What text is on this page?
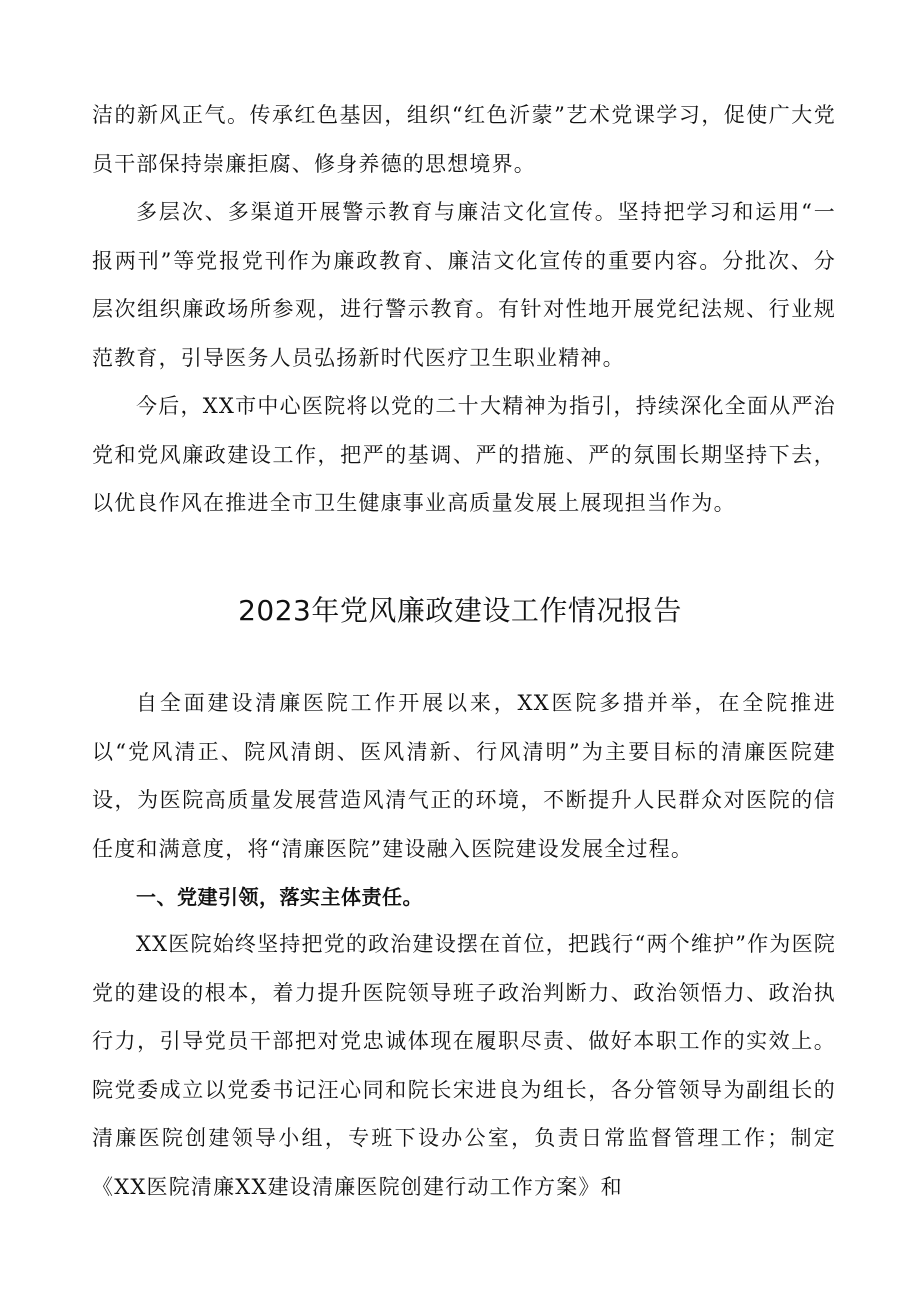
洁的新风正气。传承红色基因，组织“红色沂蒙”艺术党课学习，促使广大党员干部保持崇廉拒腐、修身养德的思想境界。

多层次、多渠道开展警示教育与廉洁文化宣传。坚持把学习和运用“一报两刊”等党报党刊作为廉政教育、廉洁文化宣传的重要内容。分批次、分层次组织廉政场所参观，进行警示教育。有针对性地开展党纪法规、行业规范教育，引导医务人员弘扬新时代医疗卫生职业精神。

今后，XX市中心医院将以党的二十大精神为指引，持续深化全面从严治党和党风廉政建设工作，把严的基调、严的措施、严的氛围长期坚持下去，以优良作风在推进全市卫生健康事业高质量发展上展现担当作为。

2023年党风廉政建设工作情况报告

自全面建设清廉医院工作开展以来，XX医院多措并举，在全院推进以“党风清正、院风清朗、医风清新、行风清明”为主要目标的清廉医院建设，为医院高质量发展营造风清气正的环境，不断提升人民群众对医院的信任度和满意度，将“清廉医院”建设融入医院建设发展全过程。

一、党建引领，落实主体责任。

XX医院始终坚持把党的政治建设摆在首位，把践行“两个维护”作为医院党的建设的根本，着力提升医院领导班子政治判断力、政治领悟力、政治执行力，引导党员干部把对党忠诚体现在履职尽责、做好本职工作的实效上。院党委成立以党委书记汪心同和院长宋进良为组长，各分管领导为副组长的清廉医院创建领导小组，专班下设办公室，负责日常监督管理工作；制定《XX医院清廉XX建设清廉医院创建行动工作方案》和
